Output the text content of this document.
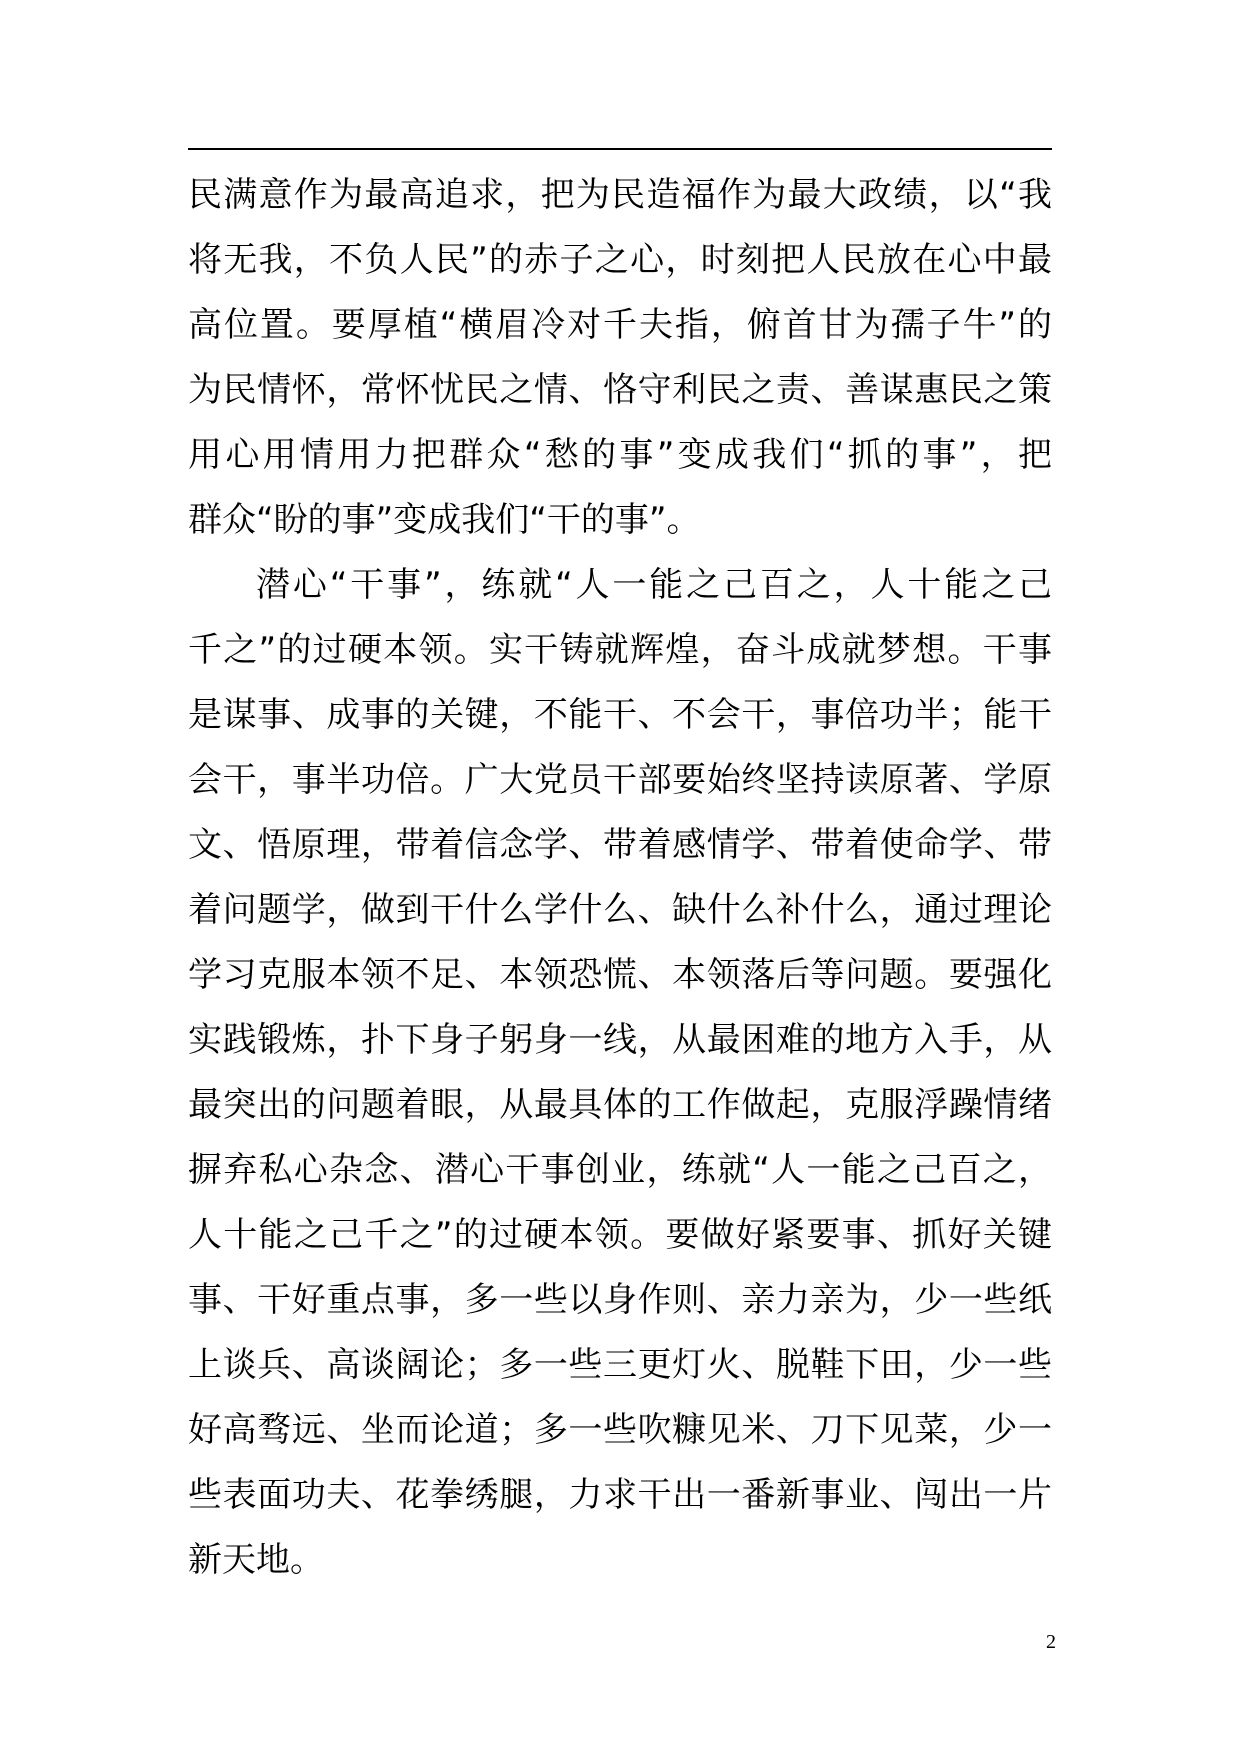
民满意作为最高追求，把为民造福作为最大政绩，以“我
将无我，不负人民”的赤子之心，时刻把人民放在心中最
高位置。要厚植“横眉冷对千夫指，俯首甘为孺子牛”的
为民情怀，常怀忧民之情、恪守利民之责、善谋惠民之策
用心用情用力把群众“愁的事”变成我们“抓的事”，把
群众“盼的事”变成我们“干的事”。
潜心“干事”，练就“人一能之己百之，人十能之己
千之”的过硬本领。实干铸就辉煌，奋斗成就梦想。干事
是谋事、成事的关键，不能干、不会干，事倍功半；能干
会干，事半功倍。广大党员干部要始终坚持读原著、学原
文、悟原理，带着信念学、带着感情学、带着使命学、带
着问题学，做到干什么学什么、缺什么补什么，通过理论
学习克服本领不足、本领恐慌、本领落后等问题。要强化
实践锻炼，扑下身子躬身一线，从最困难的地方入手，从
最突出的问题着眼，从最具体的工作做起，克服浮躁情绪
摒弃私心杂念、潜心干事创业，练就“人一能之己百之，
人十能之己千之”的过硬本领。要做好紧要事、抓好关键
事、干好重点事，多一些以身作则、亲力亲为，少一些纸
上谈兵、高谈阔论；多一些三更灯火、脱鞋下田，少一些
好高骛远、坐而论道；多一些吹糠见米、刀下见菜，少一
些表面功夫、花拳绣腿，力求干出一番新事业、闯出一片
新天地。
2
